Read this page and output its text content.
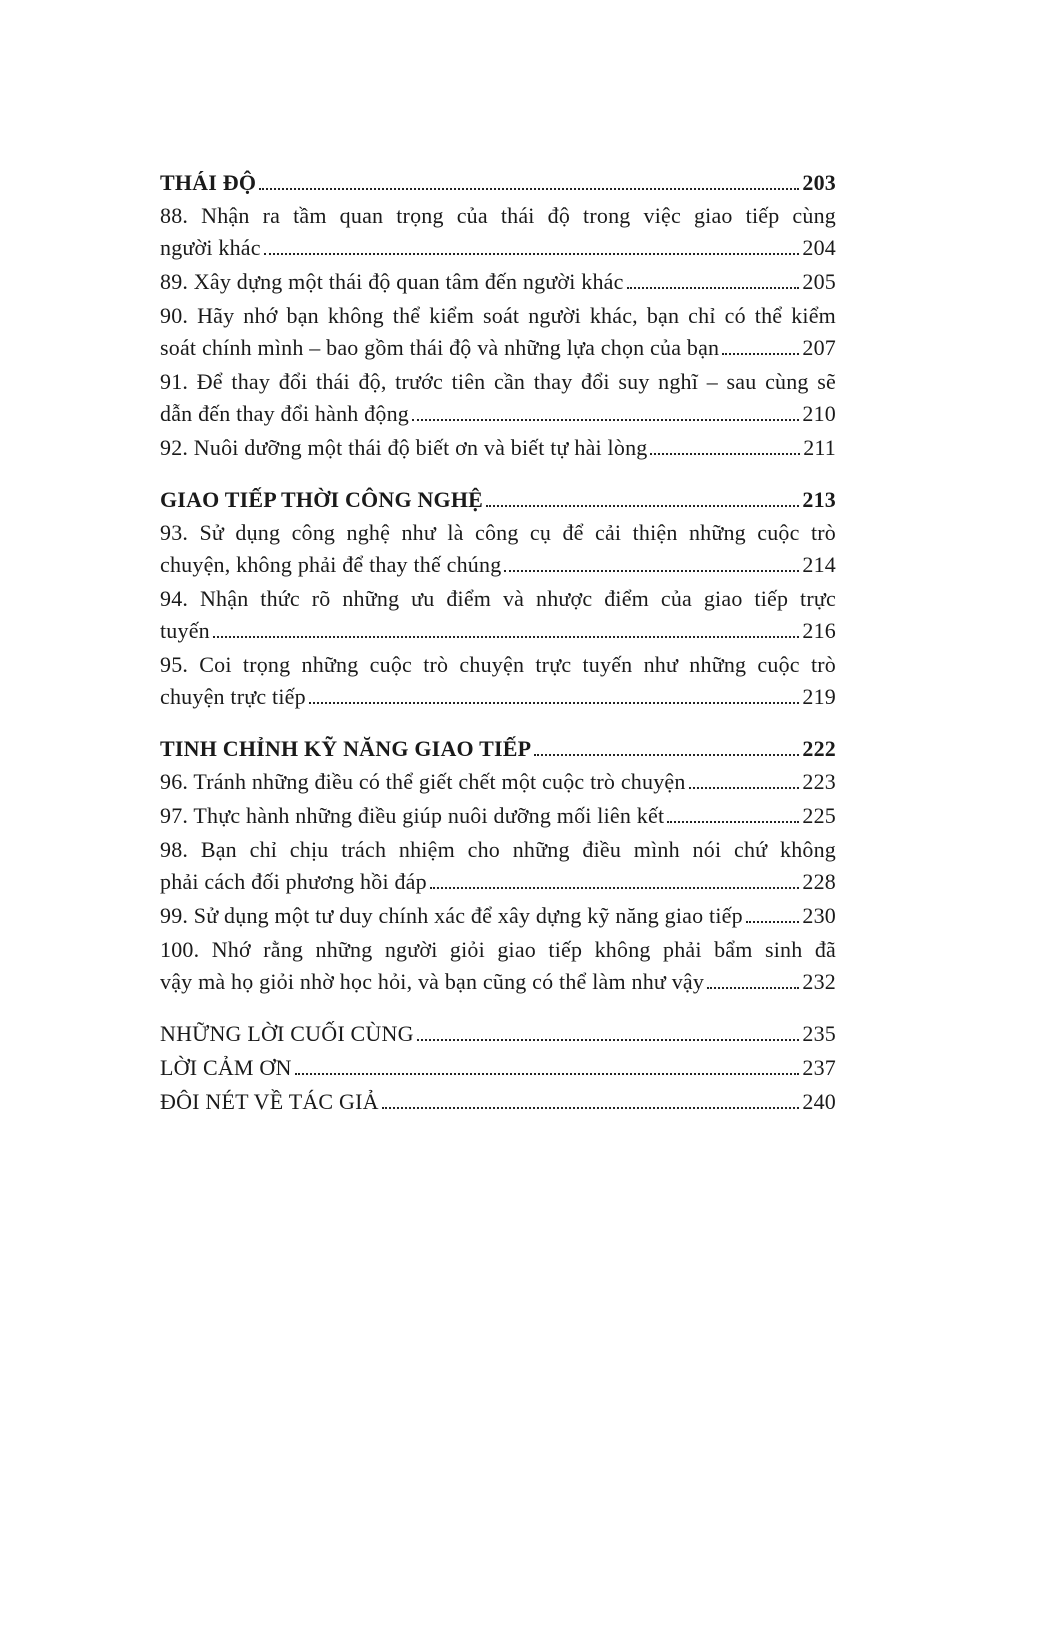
THÁI ĐỘ	203
88. Nhận ra tầm quan trọng của thái độ trong việc giao tiếp cùng
người khác	204
89. Xây dựng một thái độ quan tâm đến người khác	205
90. Hãy nhớ bạn không thể kiểm soát người khác, bạn chỉ có thể kiểm
soát chính mình – bao gồm thái độ và những lựa chọn của bạn	207
91. Để thay đổi thái độ, trước tiên cần thay đổi suy nghĩ – sau cùng sẽ
dẫn đến thay đổi hành động	210
92. Nuôi dưỡng một thái độ biết ơn và biết tự hài lòng	211
GIAO TIẾP THỜI CÔNG NGHỆ	213
93. Sử dụng công nghệ như là công cụ để cải thiện những cuộc trò
chuyện, không phải để thay thế chúng	214
94. Nhận thức rõ những ưu điểm và nhược điểm của giao tiếp trực
tuyến	216
95. Coi trọng những cuộc trò chuyện trực tuyến như những cuộc trò
chuyện trực tiếp	219
TINH CHỈNH KỸ NĂNG GIAO TIẾP	222
96. Tránh những điều có thể giết chết một cuộc trò chuyện	223
97. Thực hành những điều giúp nuôi dưỡng mối liên kết	225
98. Bạn chỉ chịu trách nhiệm cho những điều mình nói chứ không
phải cách đối phương hồi đáp	228
99. Sử dụng một tư duy chính xác để xây dựng kỹ năng giao tiếp	230
100. Nhớ rằng những người giỏi giao tiếp không phải bẩm sinh đã
vậy mà họ giỏi nhờ học hỏi, và bạn cũng có thể làm như vậy	232
NHỮNG LỜI CUỐI CÙNG	235
LỜI CẢM ƠN	237
ĐÔI NÉT VỀ TÁC GIẢ	240
